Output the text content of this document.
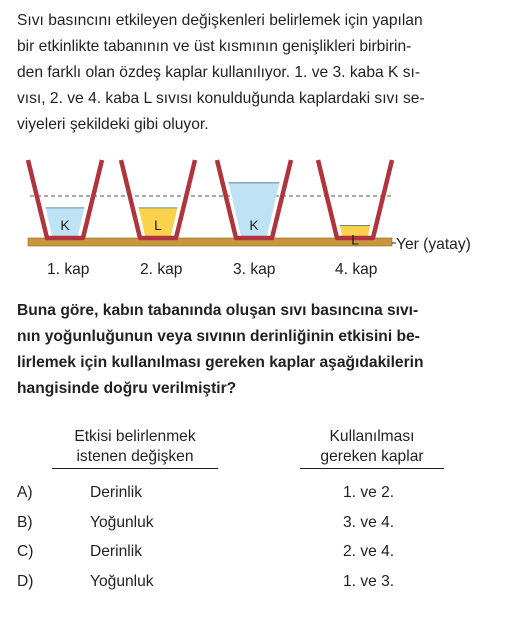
Sıvı basıncını etkileyen değişkenleri belirlemek için yapılan
bir etkinlikte tabanının ve üst kısmının genişlikleri birbirin-
den farklı olan özdeş kaplar kullanılıyor. 1. ve 3. kaba K sı-
vısı, 2. ve 4. kaba L sıvısı konulduğunda kaplardaki sıvı se-
viyeleri şekildeki gibi oluyor.
Yer (yatay)
K	L	K
L
1. kap	2. kap	3. kap	4. kap
Buna göre, kabın tabanında oluşan sıvı basıncına sıvı-
nın yoğunluğunun veya sıvının derinliğinin etkisini be-
lirlemek için kullanılması gereken kaplar aşağıdakilerin
hangisinde doğru verilmiştir?
Etkisi belirlenmek
istenen değişken
Kullanılması
gereken kaplar
A)	Derinlik	1. ve 2.
B)	Yoğunluk	3. ve 4.
C)	Derinlik	2. ve 4.
D)	Yoğunluk	1. ve 3.
